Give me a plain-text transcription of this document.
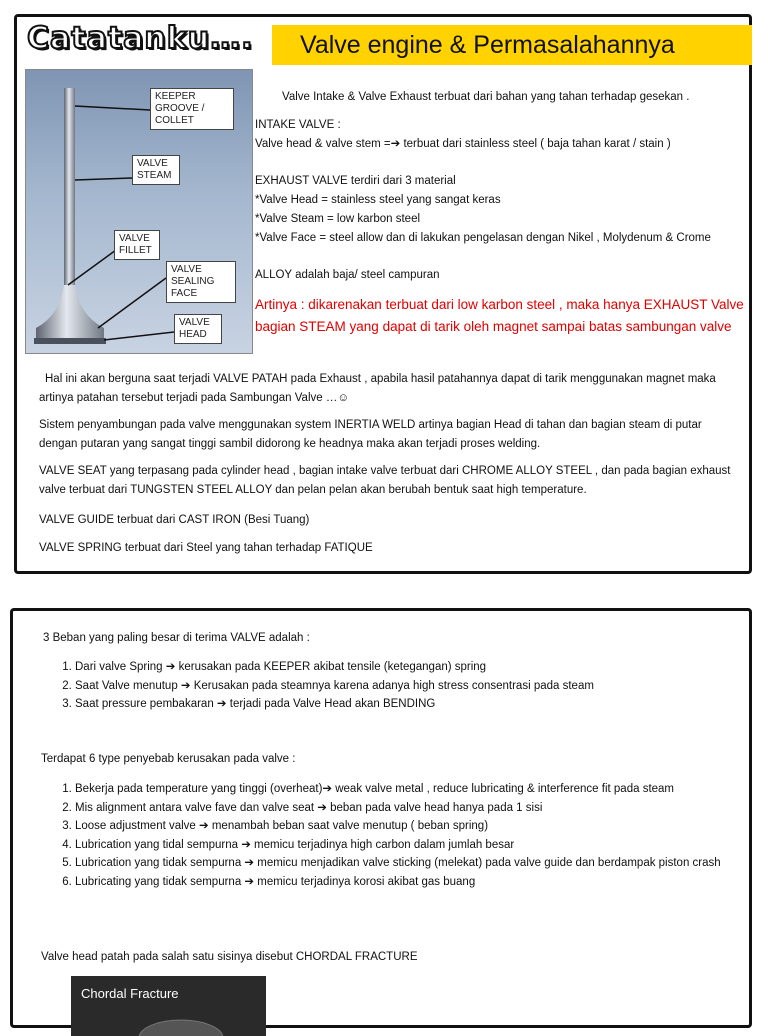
Catatanku…. Valve engine & Permasalahannya
KEEPER GROOVE / COLLET
VALVE STEAM
VALVE FILLET
VALVE SEALING FACE
VALVE HEAD
Valve Intake & Valve Exhaust terbuat dari bahan yang tahan terhadap gesekan .
INTAKE VALVE :
Valve head & valve stem =➔ terbuat dari stainless steel ( baja tahan karat / stain )
EXHAUST VALVE terdiri dari 3 material
*Valve Head = stainless steel yang sangat keras
*Valve Steam = low karbon steel
*Valve Face = steel allow dan di lakukan pengelasan dengan Nikel , Molydenum & Crome
ALLOY adalah baja/ steel campuran
Artinya : dikarenakan terbuat dari low karbon steel , maka hanya EXHAUST Valve bagian STEAM yang dapat di tarik oleh magnet sampai batas sambungan valve
Hal ini akan berguna saat terjadi VALVE PATAH pada Exhaust , apabila hasil patahannya dapat di tarik menggunakan magnet maka artinya patahan tersebut terjadi pada Sambungan Valve …☺
Sistem penyambungan pada valve menggunakan system INERTIA WELD artinya bagian Head di tahan dan bagian steam di putar dengan putaran yang sangat tinggi sambil didorong ke headnya maka akan terjadi proses welding.
VALVE SEAT yang terpasang pada cylinder head , bagian intake valve terbuat dari CHROME ALLOY STEEL , dan pada bagian exhaust valve terbuat dari TUNGSTEN STEEL ALLOY dan pelan pelan akan berubah bentuk saat high temperature.
VALVE GUIDE terbuat dari CAST IRON (Besi Tuang)
VALVE SPRING terbuat dari Steel yang tahan terhadap FATIQUE
3 Beban yang paling besar di terima VALVE adalah :
1. Dari valve Spring ➔ kerusakan pada KEEPER akibat tensile (ketegangan) spring
2. Saat Valve menutup ➔ Kerusakan pada steamnya karena adanya high stress consentrasi pada steam
3. Saat pressure pembakaran ➔ terjadi pada Valve Head akan BENDING
Terdapat 6 type penyebab kerusakan pada valve :
1. Bekerja pada temperature yang tinggi (overheat)➔ weak valve metal , reduce lubricating & interference fit pada steam
2. Mis alignment antara valve fave dan valve seat ➔ beban pada valve head hanya pada 1 sisi
3. Loose adjustment valve ➔ menambah beban saat valve menutup ( beban spring)
4. Lubrication yang tidal sempurna ➔ memicu terjadinya high carbon dalam jumlah besar
5. Lubrication yang tidak sempurna ➔ memicu menjadikan valve sticking (melekat) pada valve guide dan berdampak piston crash
6. Lubricating yang tidak sempurna ➔ memicu terjadinya korosi akibat gas buang
Valve head patah pada salah satu sisinya disebut CHORDAL FRACTURE
Chordal Fracture
